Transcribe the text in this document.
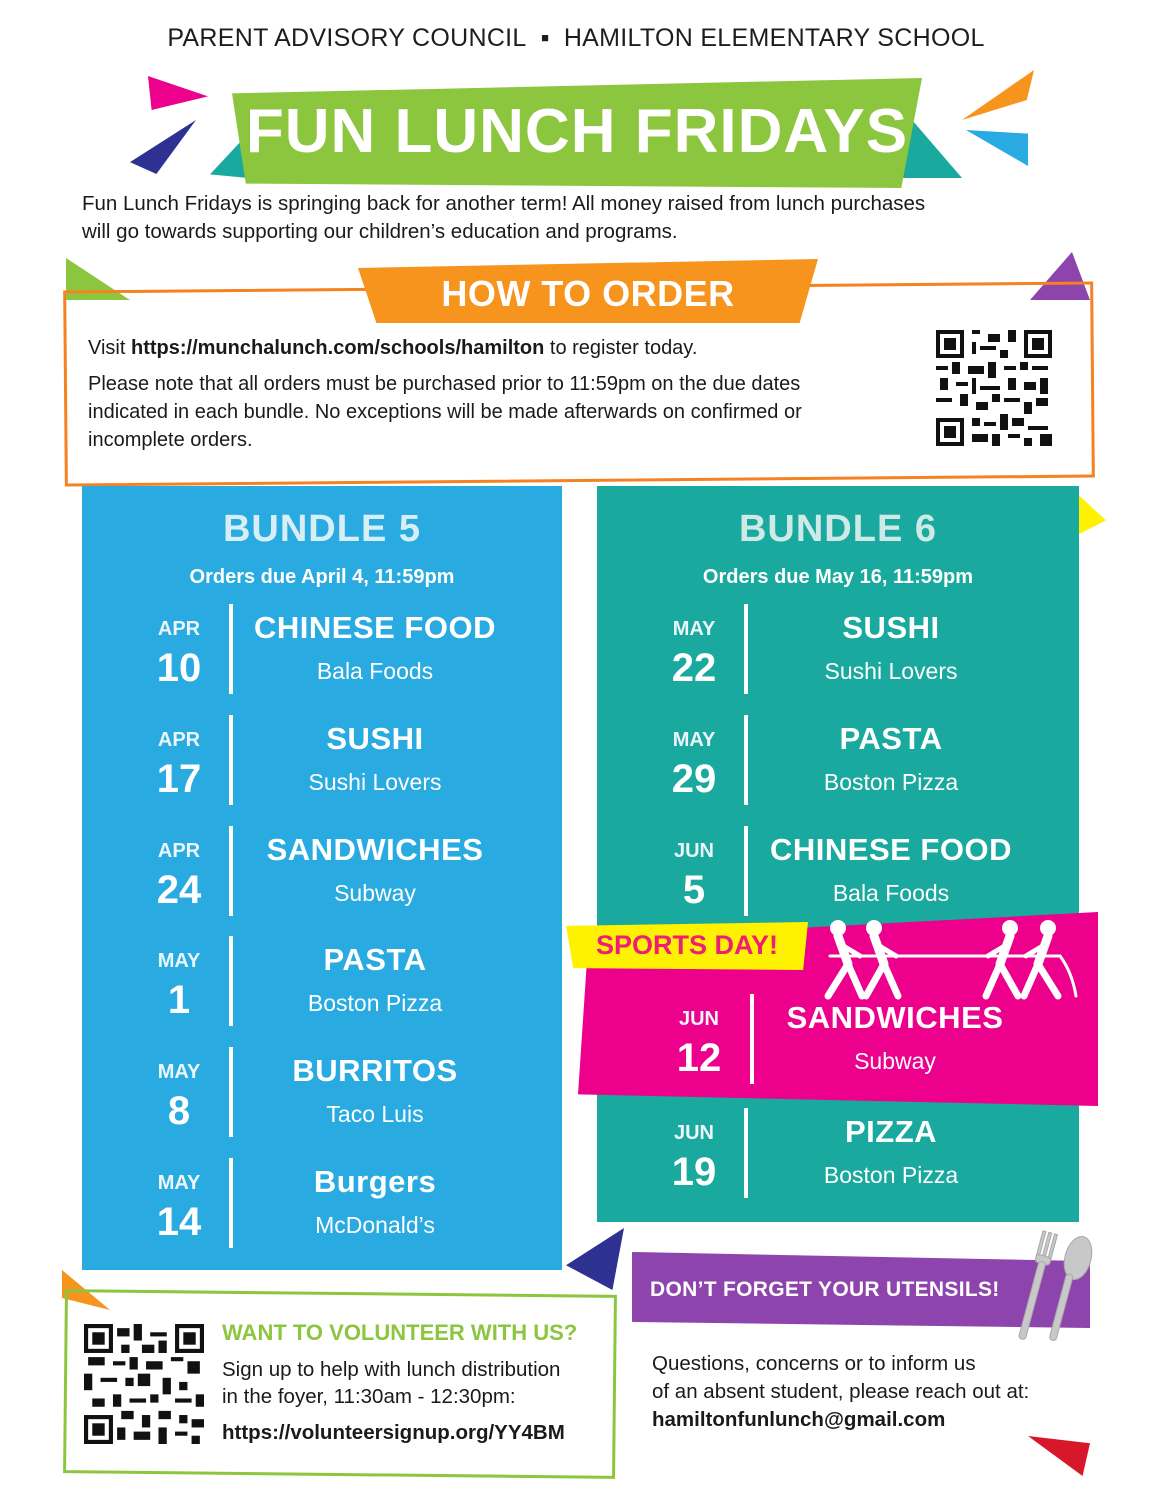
PARENT ADVISORY COUNCIL ▪ HAMILTON ELEMENTARY SCHOOL
FUN LUNCH FRIDAYS
Fun Lunch Fridays is springing back for another term! All money raised from lunch purchases
will go towards supporting our children’s education and programs.
HOW TO ORDER
Visit https://munchalunch.com/schools/hamilton to register today.
Please note that all orders must be purchased prior to 11:59pm on the due dates
indicated in each bundle. No exceptions will be made afterwards on confirmed or
incomplete orders.
BUNDLE 5
Orders due April 4, 11:59pm
APR
10
CHINESE FOOD
Bala Foods
APR
17
SUSHI
Sushi Lovers
APR
24
SANDWICHES
Subway
MAY
1
PASTA
Boston Pizza
MAY
8
BURRITOS
Taco Luis
MAY
14
Burgers
McDonald’s
BUNDLE 6
Orders due May 16, 11:59pm
MAY
22
SUSHI
Sushi Lovers
MAY
29
PASTA
Boston Pizza
JUN
5
CHINESE FOOD
Bala Foods
JUN
19
PIZZA
Boston Pizza
SPORTS DAY!
JUN
12
SANDWICHES
Subway
WANT TO VOLUNTEER WITH US?
Sign up to help with lunch distribution
in the foyer, 11:30am - 12:30pm:
https://volunteersignup.org/YY4BM
DON’T FORGET YOUR UTENSILS!
Questions, concerns or to inform us
of an absent student, please reach out at:
hamiltonfunlunch@gmail.com
